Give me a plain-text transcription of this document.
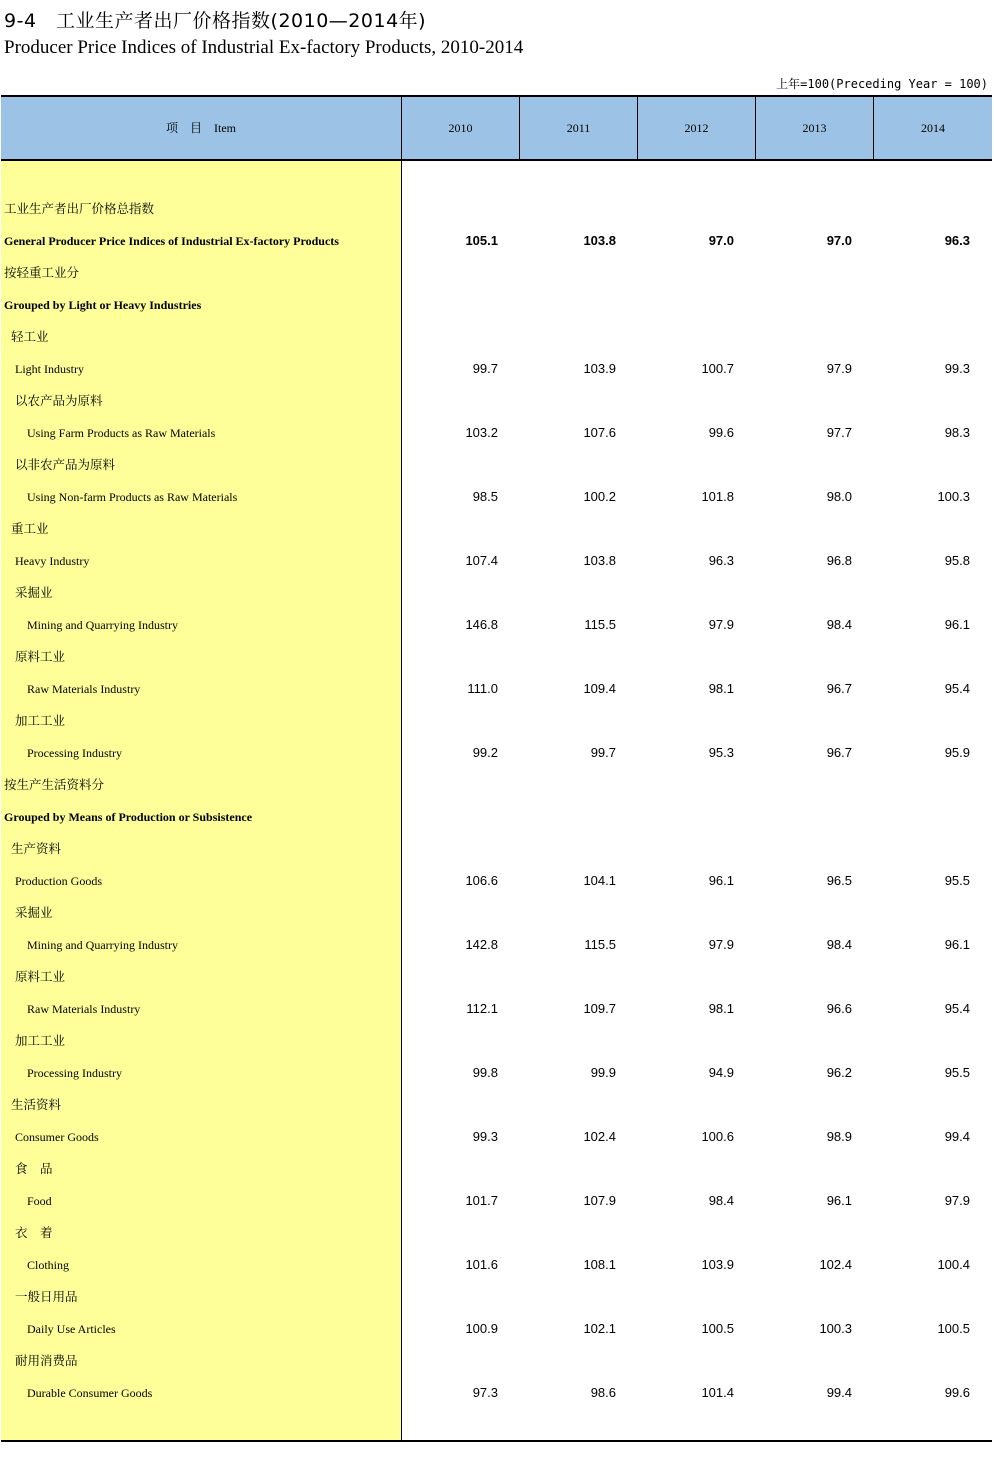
9-4　工业生产者出厂价格指数(2010—2014年)
Producer Price Indices of Industrial Ex-factory Products, 2010-2014
上年=100(Preceding Year = 100)
项　目　Item	2010	2011	2012	2013	2014
工业生产者出厂价格总指数
General Producer Price Indices of Industrial Ex-factory Products	105.1	103.8	97.0	97.0	96.3
按轻重工业分
Grouped by Light or Heavy Industries
轻工业
Light Industry	99.7	103.9	100.7	97.9	99.3
以农产品为原料
Using Farm Products as Raw Materials	103.2	107.6	99.6	97.7	98.3
以非农产品为原料
Using Non-farm Products as Raw Materials	98.5	100.2	101.8	98.0	100.3
重工业
Heavy Industry	107.4	103.8	96.3	96.8	95.8
采掘业
Mining and Quarrying Industry	146.8	115.5	97.9	98.4	96.1
原料工业
Raw Materials Industry	111.0	109.4	98.1	96.7	95.4
加工工业
Processing Industry	99.2	99.7	95.3	96.7	95.9
按生产生活资料分
Grouped by Means of Production or Subsistence
生产资料
Production Goods	106.6	104.1	96.1	96.5	95.5
采掘业
Mining and Quarrying Industry	142.8	115.5	97.9	98.4	96.1
原料工业
Raw Materials Industry	112.1	109.7	98.1	96.6	95.4
加工工业
Processing Industry	99.8	99.9	94.9	96.2	95.5
生活资料
Consumer Goods	99.3	102.4	100.6	98.9	99.4
食　品
Food	101.7	107.9	98.4	96.1	97.9
衣　着
Clothing	101.6	108.1	103.9	102.4	100.4
一般日用品
Daily Use Articles	100.9	102.1	100.5	100.3	100.5
耐用消费品
Durable Consumer Goods	97.3	98.6	101.4	99.4	99.6
